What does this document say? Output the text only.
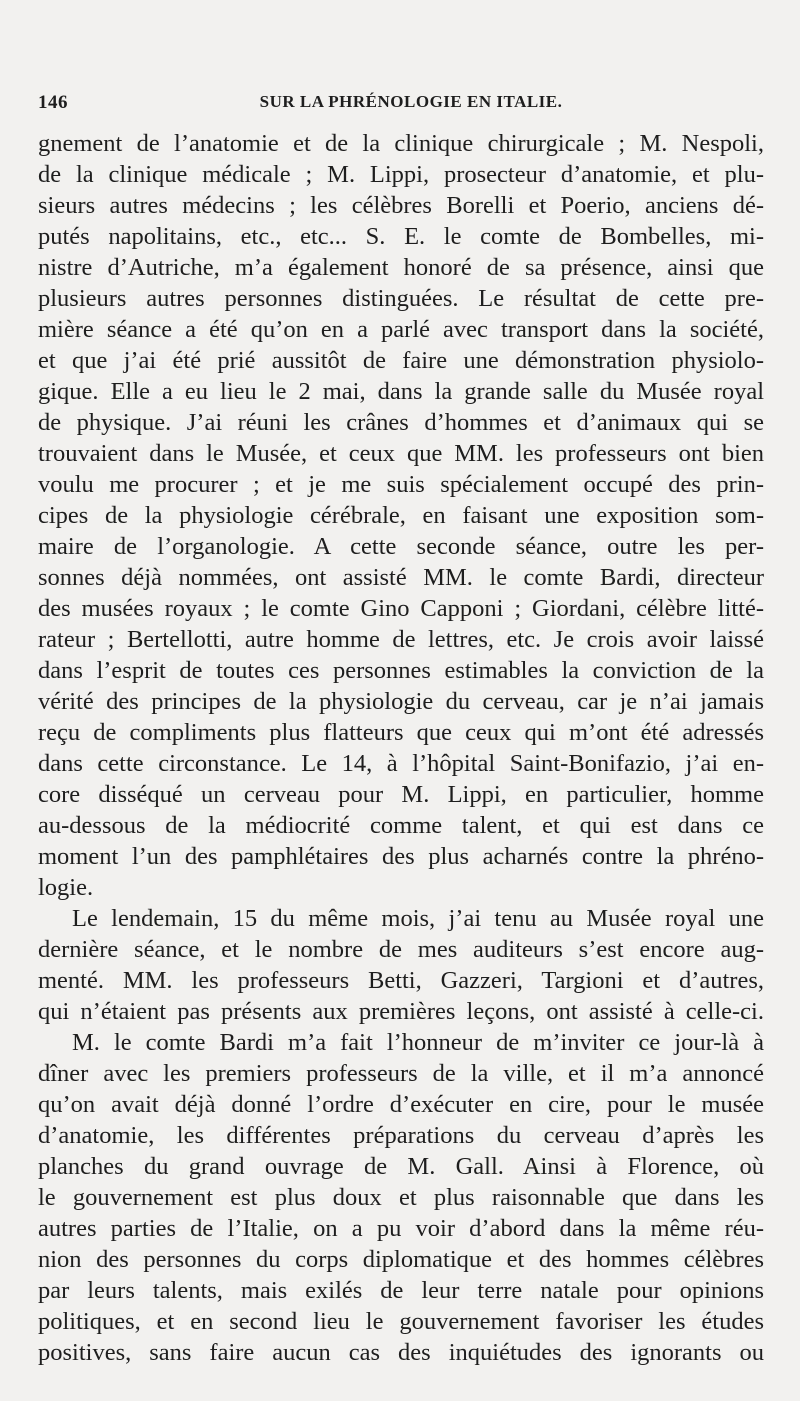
146	SUR LA PHRÉNOLOGIE EN ITALIE.
gnement de l’anatomie et de la clinique chirurgicale ; M. Nespoli,
de la clinique médicale ; M. Lippi, prosecteur d’anatomie, et plu-
sieurs autres médecins ; les célèbres Borelli et Poerio, anciens dé-
putés napolitains, etc., etc... S. E. le comte de Bombelles, mi-
nistre d’Autriche, m’a également honoré de sa présence, ainsi que
plusieurs autres personnes distinguées. Le résultat de cette pre-
mière séance a été qu’on en a parlé avec transport dans la société,
et que j’ai été prié aussitôt de faire une démonstration physiolo-
gique. Elle a eu lieu le 2 mai, dans la grande salle du Musée royal
de physique. J’ai réuni les crânes d’hommes et d’animaux qui se
trouvaient dans le Musée, et ceux que MM. les professeurs ont bien
voulu me procurer ; et je me suis spécialement occupé des prin-
cipes de la physiologie cérébrale, en faisant une exposition som-
maire de l’organologie. A cette seconde séance, outre les per-
sonnes déjà nommées, ont assisté MM. le comte Bardi, directeur
des musées royaux ; le comte Gino Capponi ; Giordani, célèbre litté-
rateur ; Bertellotti, autre homme de lettres, etc. Je crois avoir laissé
dans l’esprit de toutes ces personnes estimables la conviction de la
vérité des principes de la physiologie du cerveau, car je n’ai jamais
reçu de compliments plus flatteurs que ceux qui m’ont été adressés
dans cette circonstance. Le 14, à l’hôpital Saint-Bonifazio, j’ai en-
core disséqué un cerveau pour M. Lippi, en particulier, homme
au-dessous de la médiocrité comme talent, et qui est dans ce
moment l’un des pamphlétaires des plus acharnés contre la phréno-
logie.
Le lendemain, 15 du même mois, j’ai tenu au Musée royal une
dernière séance, et le nombre de mes auditeurs s’est encore aug-
menté. MM. les professeurs Betti, Gazzeri, Targioni et d’autres,
qui n’étaient pas présents aux premières leçons, ont assisté à celle-ci.
M. le comte Bardi m’a fait l’honneur de m’inviter ce jour-là à
dîner avec les premiers professeurs de la ville, et il m’a annoncé
qu’on avait déjà donné l’ordre d’exécuter en cire, pour le musée
d’anatomie, les différentes préparations du cerveau d’après les
planches du grand ouvrage de M. Gall. Ainsi à Florence, où
le gouvernement est plus doux et plus raisonnable que dans les
autres parties de l’Italie, on a pu voir d’abord dans la même réu-
nion des personnes du corps diplomatique et des hommes célèbres
par leurs talents, mais exilés de leur terre natale pour opinions
politiques, et en second lieu le gouvernement favoriser les études
positives, sans faire aucun cas des inquiétudes des ignorants ou
